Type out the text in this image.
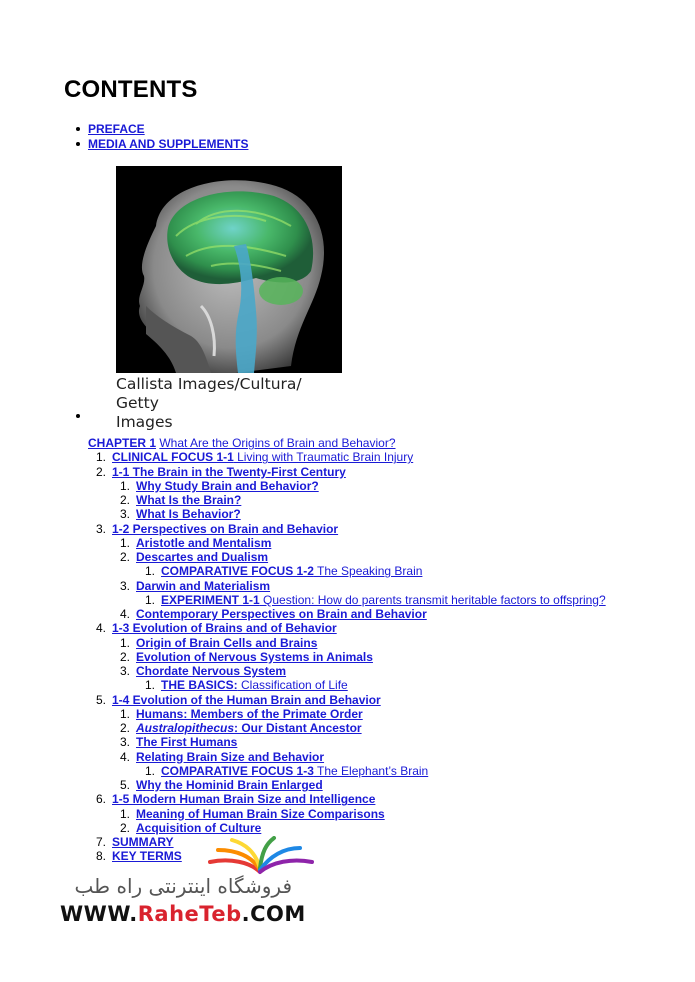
CONTENTS
PREFACE
MEDIA AND SUPPLEMENTS
Callista Images/Cultura/ Getty
Images
CHAPTER 1 What Are the Origins of Brain and Behavior?
1. CLINICAL FOCUS 1-1 Living with Traumatic Brain Injury
2. 1-1 The Brain in the Twenty-First Century
1. Why Study Brain and Behavior?
2. What Is the Brain?
3. What Is Behavior?
3. 1-2 Perspectives on Brain and Behavior
1. Aristotle and Mentalism
2. Descartes and Dualism
1. COMPARATIVE FOCUS 1-2 The Speaking Brain
3. Darwin and Materialism
1. EXPERIMENT 1-1 Question: How do parents transmit heritable factors to offspring?
4. Contemporary Perspectives on Brain and Behavior
4. 1-3 Evolution of Brains and of Behavior
1. Origin of Brain Cells and Brains
2. Evolution of Nervous Systems in Animals
3. Chordate Nervous System
1. THE BASICS: Classification of Life
5. 1-4 Evolution of the Human Brain and Behavior
1. Humans: Members of the Primate Order
2. Australopithecus: Our Distant Ancestor
3. The First Humans
4. Relating Brain Size and Behavior
1. COMPARATIVE FOCUS 1-3 The Elephant’s Brain
5. Why the Hominid Brain Enlarged
6. 1-5 Modern Human Brain Size and Intelligence
1. Meaning of Human Brain Size Comparisons
2. Acquisition of Culture
7. SUMMARY
8. KEY TERMS
فروشگاه اینترنتی راه طب
WWW.RaheTeb.COM
